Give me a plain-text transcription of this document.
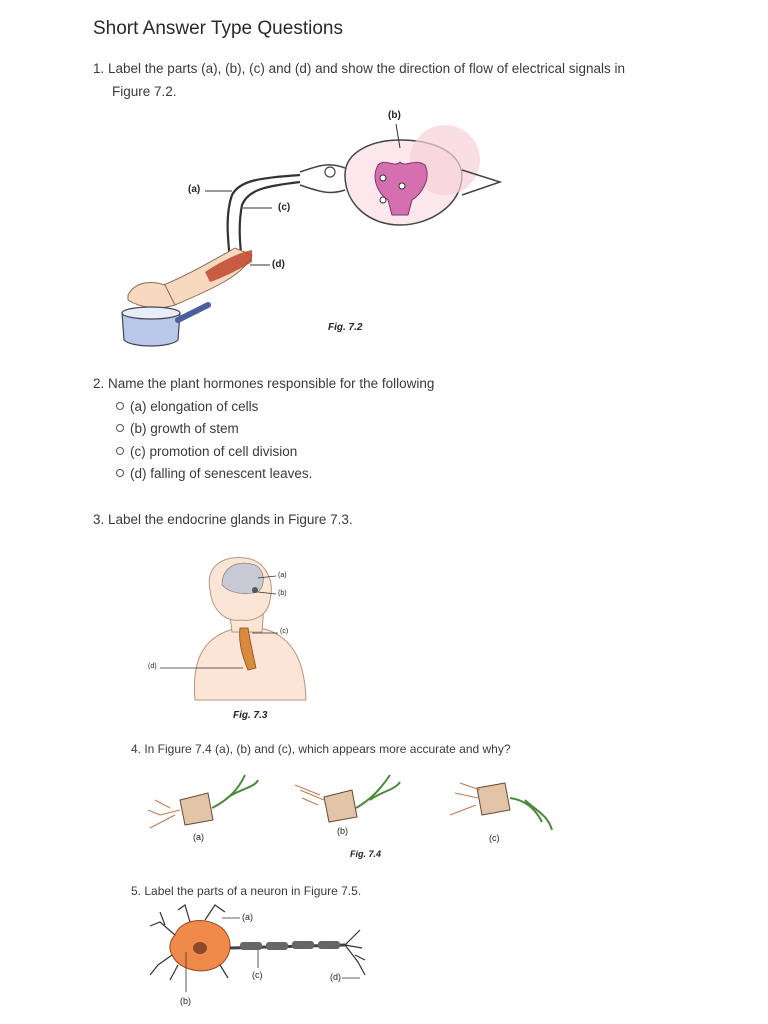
Short Answer Type Questions
1. Label the parts (a), (b), (c) and (d) and show the direction of flow of electrical signals in
Figure 7.2.
(a)
(c)
(d)
(b)
Fig. 7.2
2. Name the plant hormones responsible for the following
(a) elongation of cells
(b) growth of stem
(c) promotion of cell division
(d) falling of senescent leaves.
3. Label the endocrine glands in Figure 7.3.
(a)
(b)
(c)
(d)
Fig. 7.3
4. In Figure 7.4 (a), (b) and (c), which appears more accurate and why?
(a)
(b)
(c)
Fig. 7.4
5. Label the parts of a neuron in Figure 7.5.
(a)
(c)	(d)
(b)
